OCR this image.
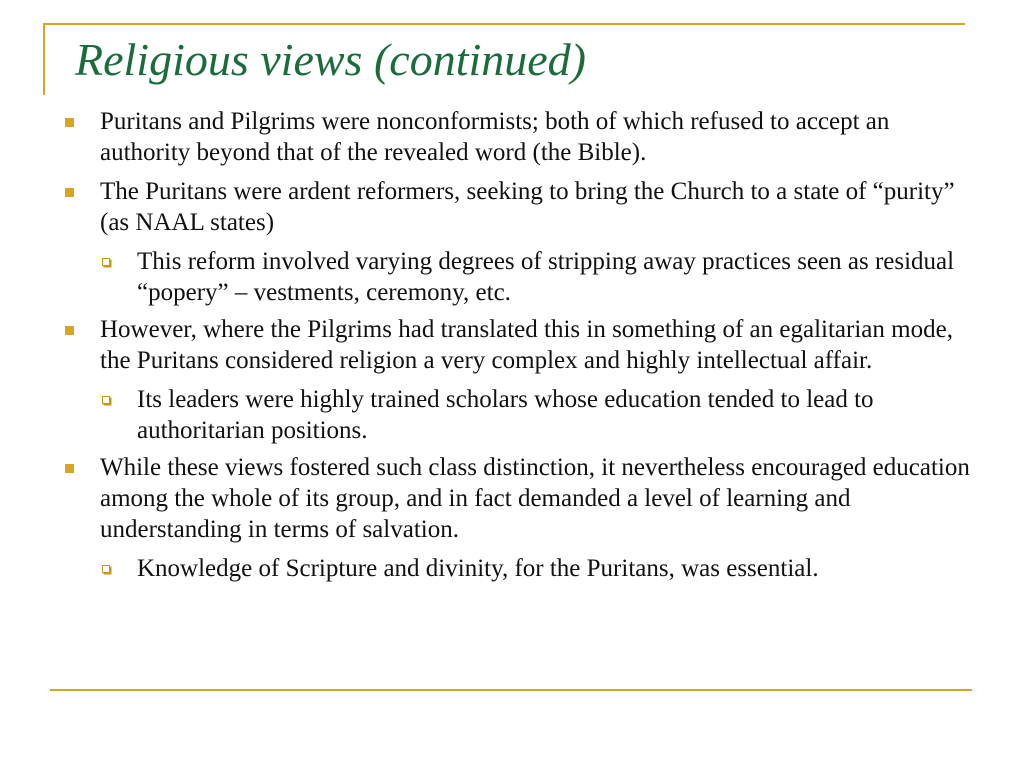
Religious views (continued)
Puritans and Pilgrims were nonconformists; both of which refused to accept an authority beyond that of the revealed word (the Bible).
The Puritans were ardent reformers, seeking to bring the Church to a state of “purity” (as NAAL states)
This reform involved varying degrees of stripping away practices seen as residual “popery” – vestments, ceremony, etc.
However, where the Pilgrims had translated this in something of an egalitarian mode, the Puritans considered religion a very complex and highly intellectual affair.
Its leaders were highly trained scholars whose education tended to lead to authoritarian positions.
While these views fostered such class distinction, it nevertheless encouraged education among the whole of its group, and in fact demanded a level of learning and understanding in terms of salvation.
Knowledge of Scripture and divinity, for the Puritans, was essential.
